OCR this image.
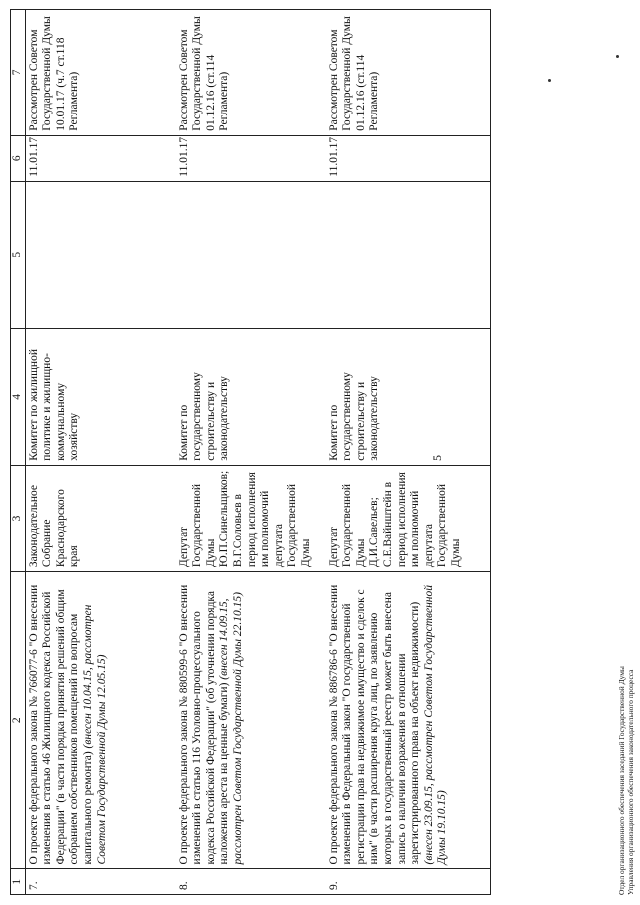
1	2	3	4	5	6	7
7.	О проекте федерального закона № 766077-6 "О внесении изменения в статью 46 Жилищного кодекса Российской Федерации" (в части порядка принятия решений общим собранием собственников помещений по вопросам капитального ремонта) (внесен 10.04.15, рассмотрен Советом Государственной Думы 12.05.15)	Законодательное Собрание Краснодарского края	Комитет по жилищной политике и жилищно-коммунальному хозяйству		11.01.17	Рассмотрен Советом Государственной Думы 10.01.17 (ч.7 ст.118 Регламента)
8.	О проекте федерального закона № 880599-6 "О внесении изменений в статью 116 Уголовно-процессуального кодекса Российской Федерации" (об уточнении порядка наложения ареста на ценные бумаги) (внесен 14.09.15, рассмотрен Советом Государственной Думы 22.10.15)	Депутат Государственной Думы Ю.П.Синельщиков; В.Г.Соловьев в период исполнения им полномочий депутата Государственной Думы	Комитет по государственному строительству и законодательству		11.01.17	Рассмотрен Советом Государственной Думы 01.12.16 (ст.114 Регламента)
9.	О проекте федерального закона № 886786-6 "О внесении изменений в Федеральный закон "О государственной регистрации прав на недвижимое имущество и сделок с ним" (в части расширения круга лиц, по заявлению которых в государственный реестр может быть внесена запись о наличии возражения в отношении зарегистрированного права на объект недвижимости) (внесен 23.09.15, рассмотрен Советом Государственной Думы 19.10.15)	Депутат Государственной Думы Д.И.Савельев; С.Е.Вайнштейн в период исполнения им полномочий депутата Государственной Думы	Комитет по государственному строительству и законодательству		11.01.17	Рассмотрен Советом Государственной Думы 01.12.16 (ст.114 Регламента)
5
Отдел организационного обеспечения заседаний Государственной Думы Управления организационного обеспечения законодательного процесса
